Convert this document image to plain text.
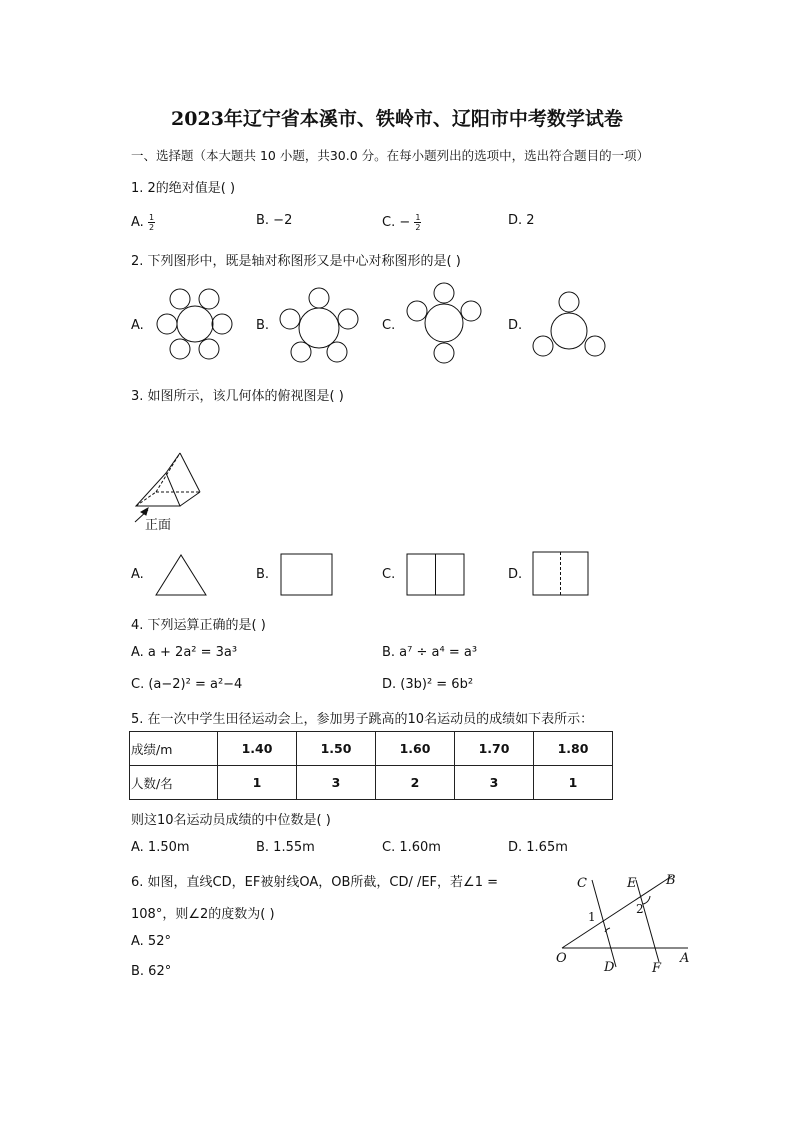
2023年辽宁省本溪市、铁岭市、辽阳市中考数学试卷
一、选择题（本大题共 10 小题，共30.0 分。在每小题列出的选项中，选出符合题目的一项）
1. 2的绝对值是( )
A. $\frac{1}{2}$	B. −2	C. − $\frac{1}{2}$	D. 2
2. 下列图形中，既是轴对称图形又是中心对称图形的是( )
A.	B.	C.	D.
3. 如图所示，该几何体的俯视图是( )
正面
A.	B.	C.	D.
4. 下列运算正确的是( )
A. a + 2a² = 3a³	B. a⁷ ÷ a⁴ = a³
C. (a−2)² = a²−4	D. (3b)² = 6b²
5. 在一次中学生田径运动会上，参加男子跳高的10名运动员的成绩如下表所示：
成绩/m	1.40	1.50	1.60	1.70	1.80
人数/名	1	3	2	3	1
则这10名运动员成绩的中位数是( )
A. 1.50m	B. 1.55m	C. 1.60m	D. 1.65m
6. 如图，直线CD，EF被射线OA，OB所截，CD/ /EF，若∠1 =
108°，则∠2的度数为( )
A. 52°
B. 62°
C	E B
O
D	F
A
1
2
